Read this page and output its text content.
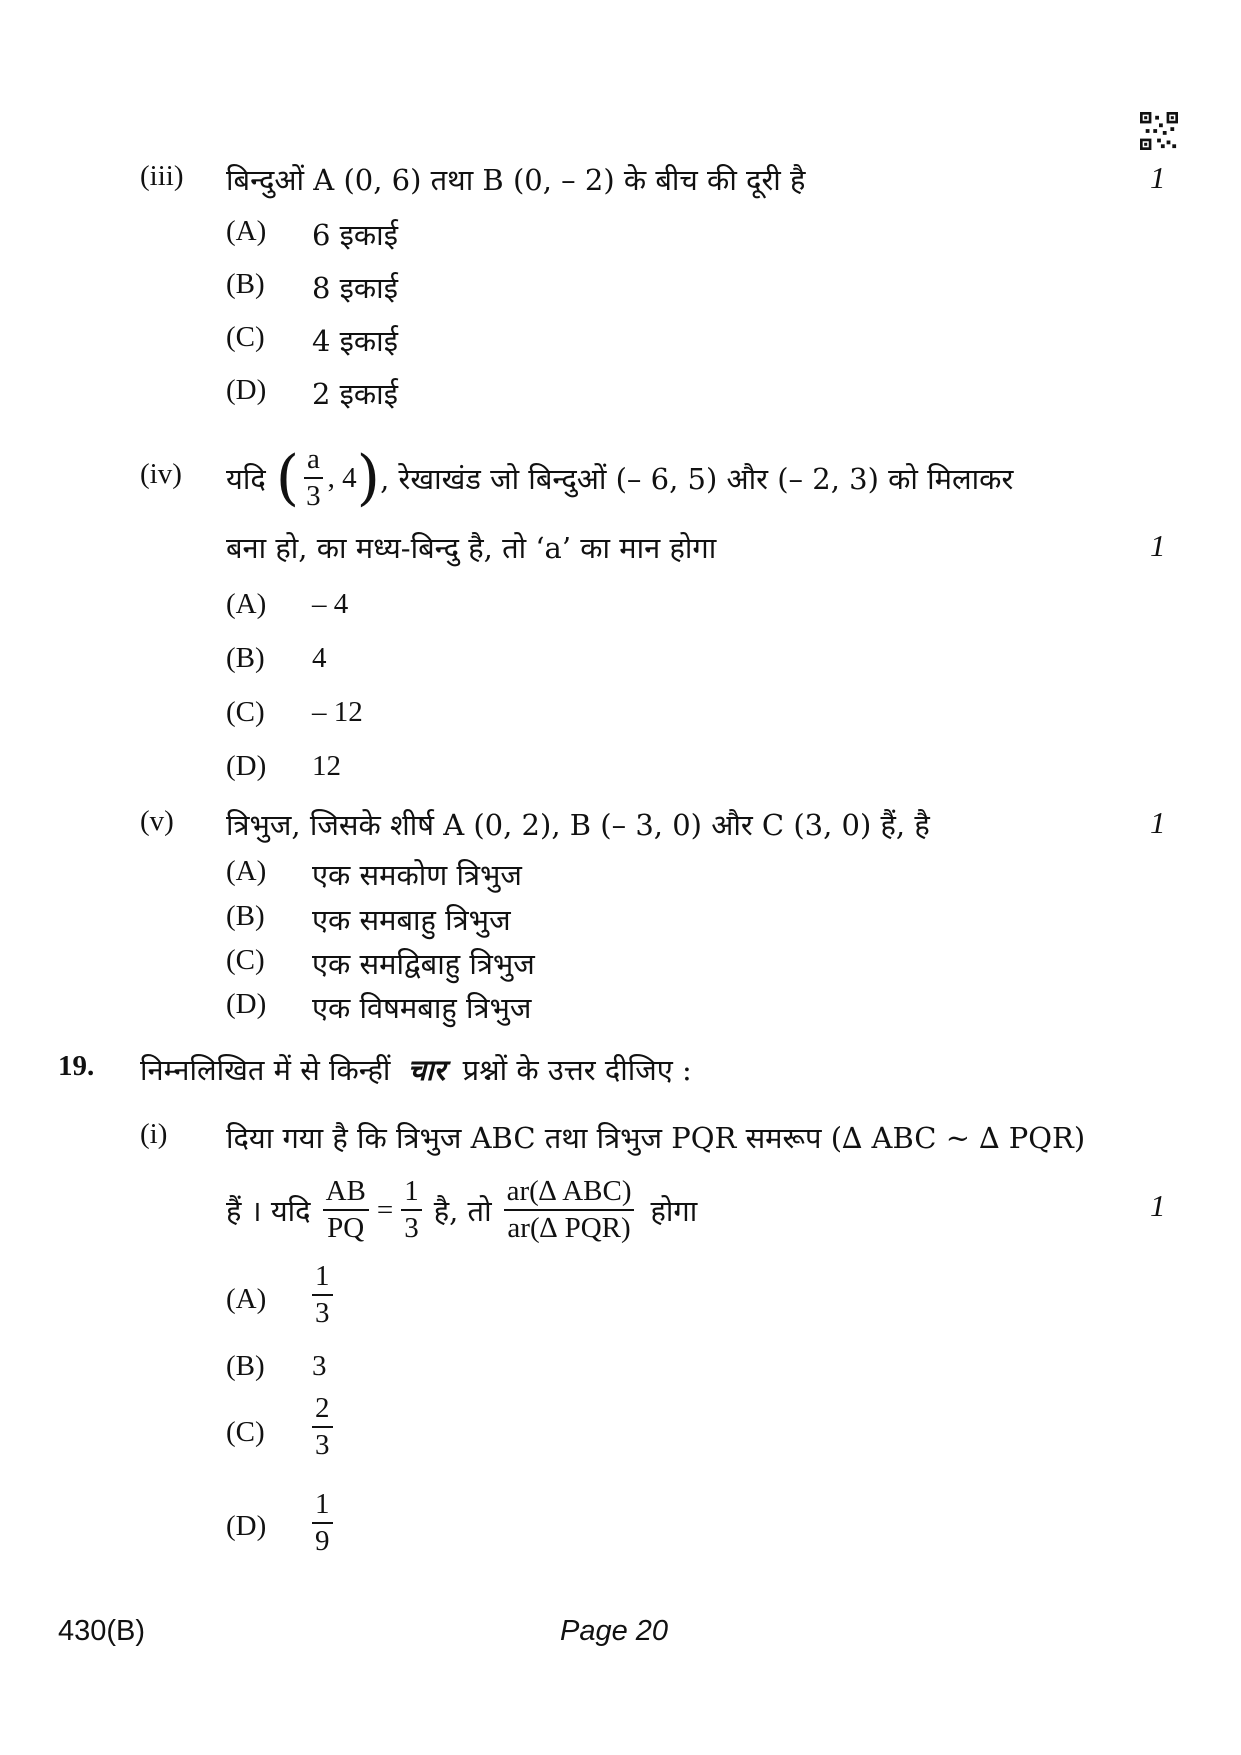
(iii) बिन्दुओं A (0, 6) तथा B (0, – 2) के बीच की दूरी है	1
(A) 6 इकाई
(B) 8 इकाई
(C) 4 इकाई
(D) 2 इकाई
(iv) यदि ( $\frac{a}{3}$ , 4 ) , रेखाखंड जो बिन्दुओं (– 6, 5) और (– 2, 3) को मिलाकर
बना हो, का मध्य-बिन्दु है, तो ‘a’ का मान होगा	1
(A) – 4
(B) 4
(C) – 12
(D) 12
(v) त्रिभुज, जिसके शीर्ष A (0, 2), B (– 3, 0) और C (3, 0) हैं, है	1
(A) एक समकोण त्रिभुज
(B) एक समबाहु त्रिभुज
(C) एक समद्विबाहु त्रिभुज
(D) एक विषमबाहु त्रिभुज
19. निम्नलिखित में से किन्हीं चार प्रश्नों के उत्तर दीजिए :
(i) दिया गया है कि त्रिभुज ABC तथा त्रिभुज PQR समरूप (∆ ABC ~ ∆ PQR)
हैं । यदि $\frac{AB}{PQ} = \frac{1}{3}$ है, तो $\frac{\text{ar(∆ ABC)}}{\text{ar(∆ PQR)}}$ होगा	1
$(A) \frac{1}{3}$
(B) 3
$(C) \frac{2}{3}$
$(D) \frac{1}{9}$
430(B)	Page 20
